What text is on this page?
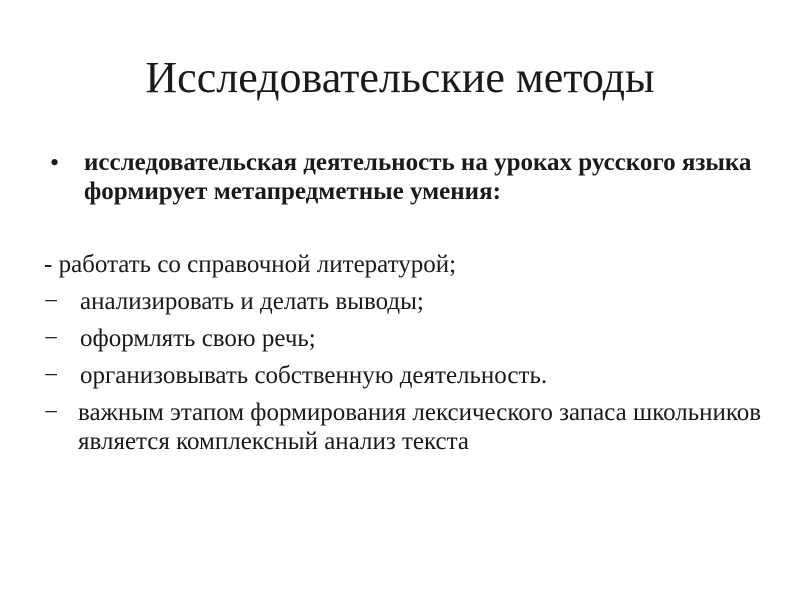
Исследовательские методы
• исследовательская деятельность на уроках русского языка формирует метапредметные умения:
- работать со справочной литературой;
− анализировать и делать выводы;
− оформлять свою речь;
− организовывать собственную деятельность.
− важным этапом формирования лексического запаса школьников является комплексный анализ текста
